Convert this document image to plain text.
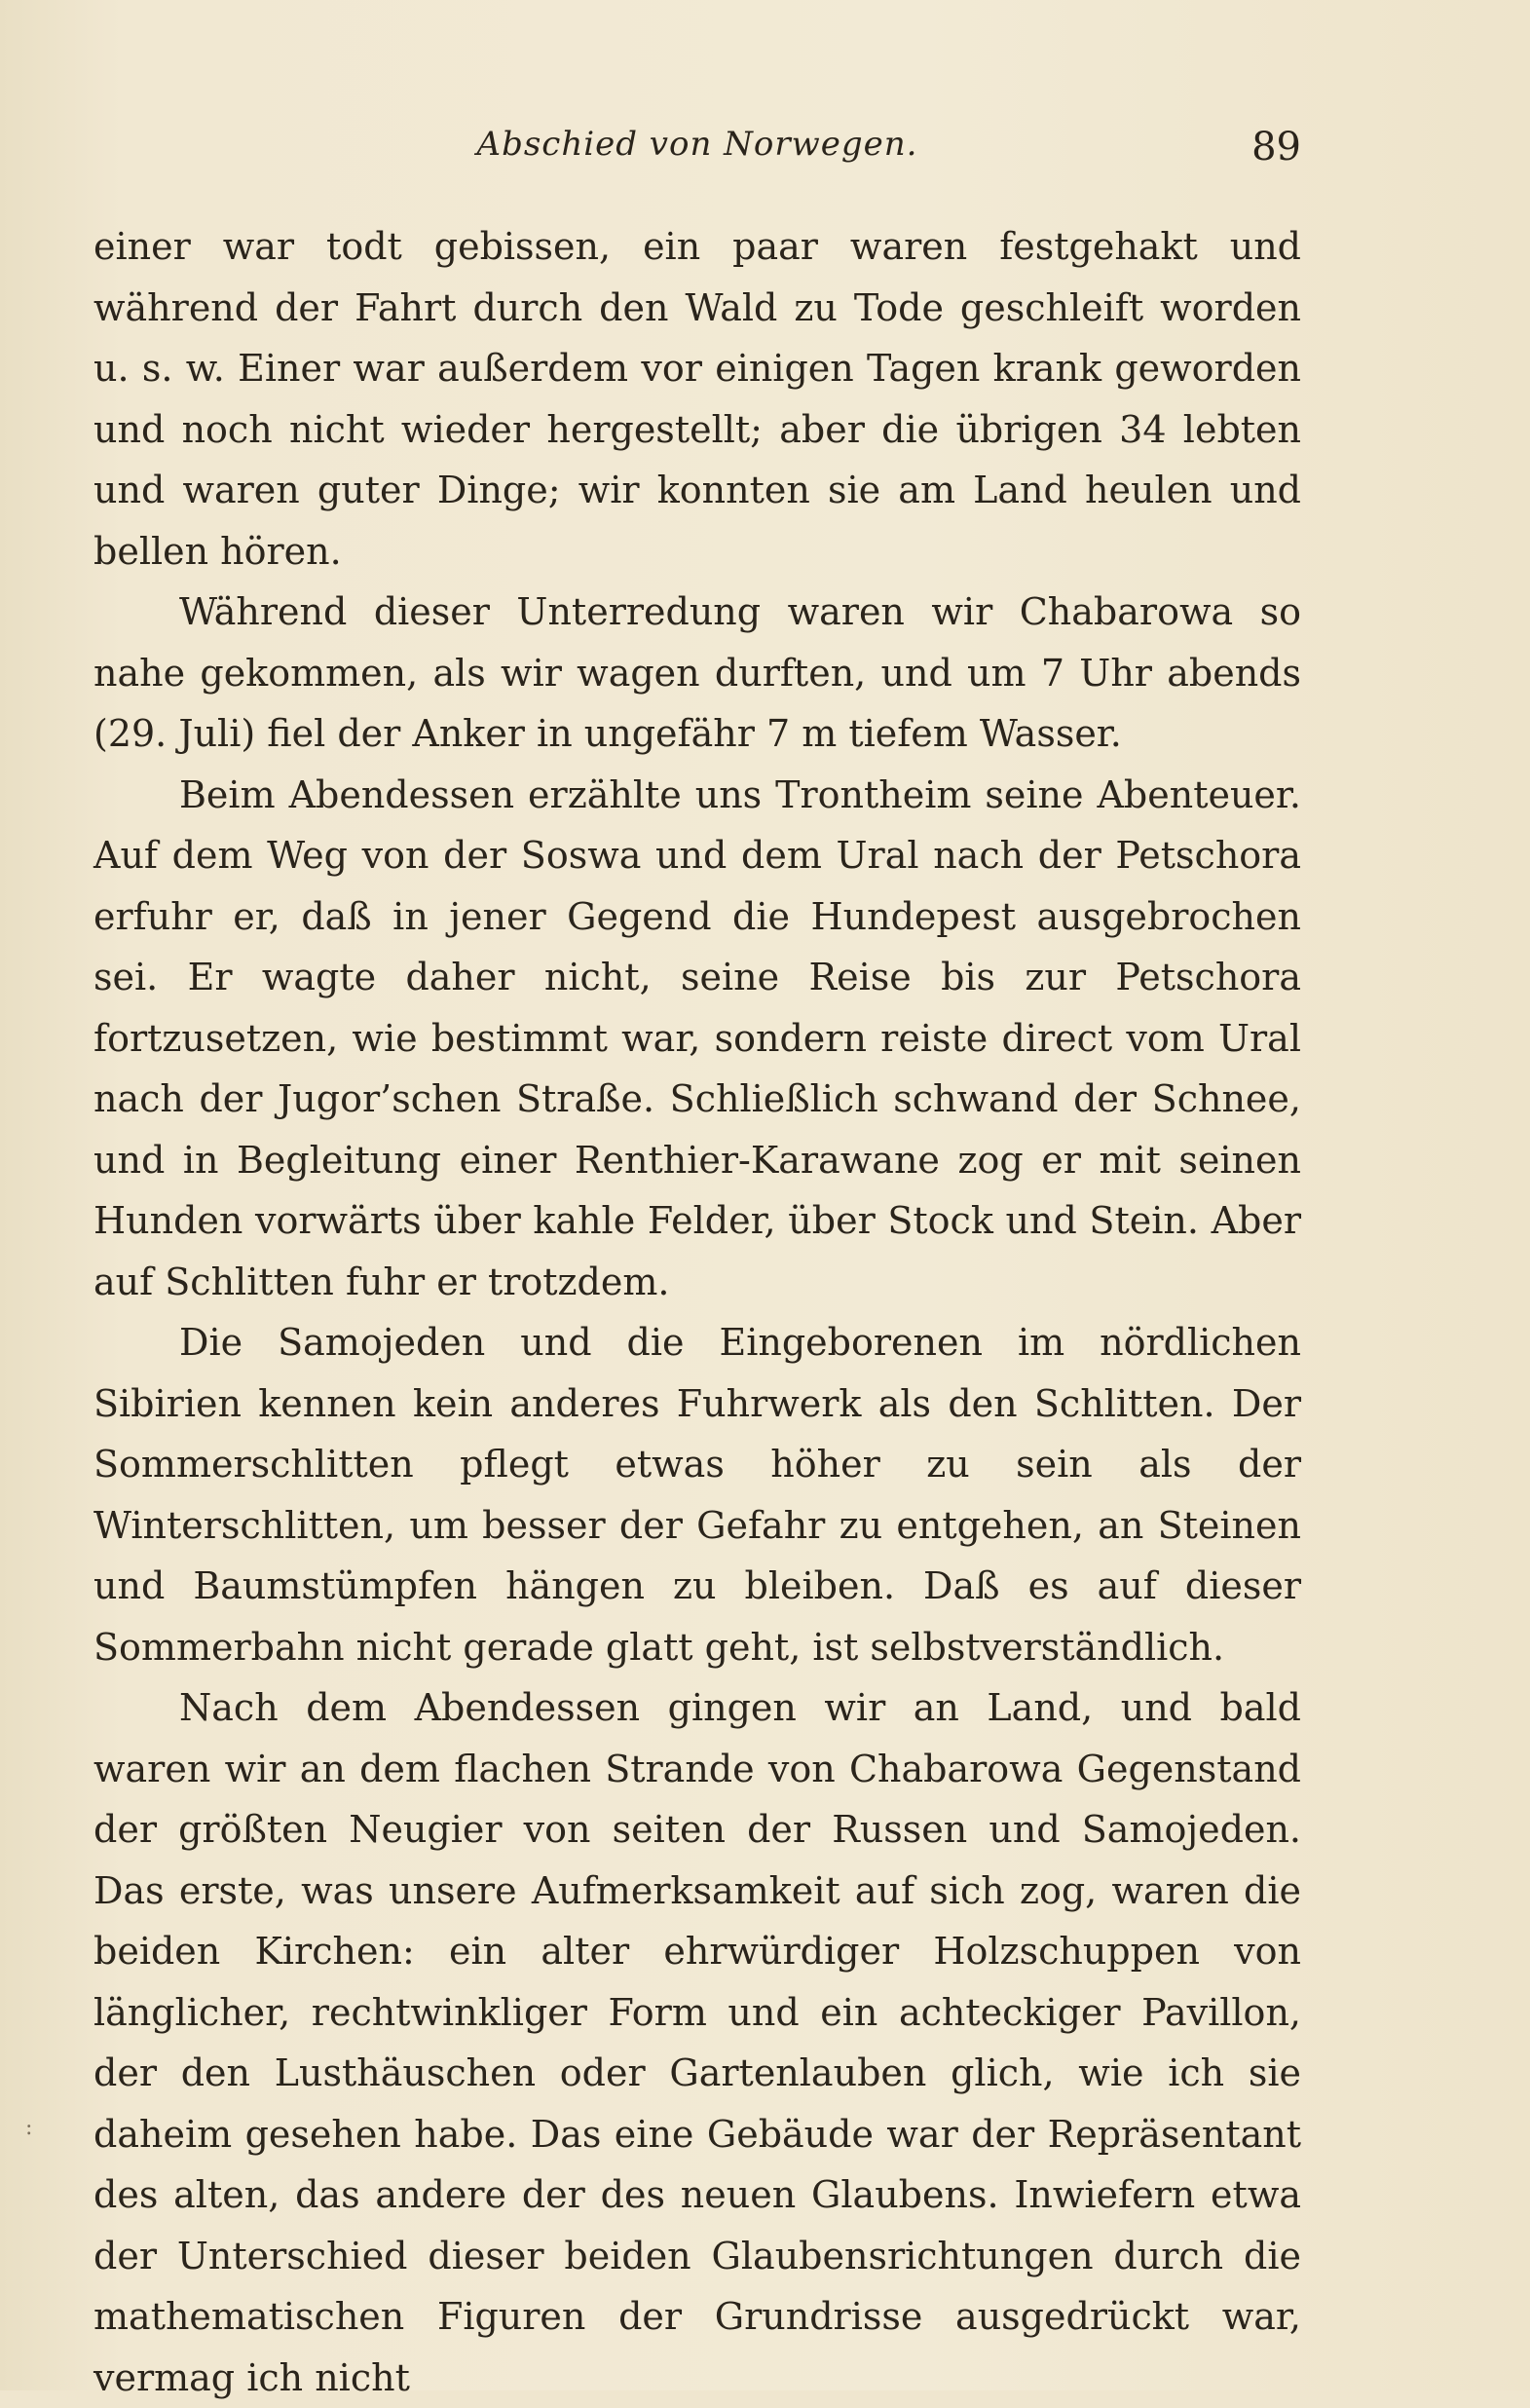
Abschied von Norwegen.	89

einer war todt gebissen, ein paar waren festgehakt und während der Fahrt durch den Wald zu Tode geschleift worden u. s. w. Einer war außerdem vor einigen Tagen krank geworden und noch nicht wieder hergestellt; aber die übrigen 34 lebten und waren guter Dinge; wir konnten sie am Land heulen und bellen hören.

Während dieser Unterredung waren wir Chabarowa so nahe gekommen, als wir wagen durften, und um 7 Uhr abends (29. Juli) fiel der Anker in ungefähr 7 m tiefem Wasser.

Beim Abendessen erzählte uns Trontheim seine Abenteuer. Auf dem Weg von der Soswa und dem Ural nach der Petschora erfuhr er, daß in jener Gegend die Hundepest ausgebrochen sei. Er wagte daher nicht, seine Reise bis zur Petschora fortzusetzen, wie bestimmt war, sondern reiste direct vom Ural nach der Jugor’schen Straße. Schließlich schwand der Schnee, und in Begleitung einer Renthier-Karawane zog er mit seinen Hunden vorwärts über kahle Felder, über Stock und Stein. Aber auf Schlitten fuhr er trotzdem.

Die Samojeden und die Eingeborenen im nördlichen Sibirien kennen kein anderes Fuhrwerk als den Schlitten. Der Sommerschlitten pflegt etwas höher zu sein als der Winterschlitten, um besser der Gefahr zu entgehen, an Steinen und Baumstümpfen hängen zu bleiben. Daß es auf dieser Sommerbahn nicht gerade glatt geht, ist selbstverständlich.

Nach dem Abendessen gingen wir an Land, und bald waren wir an dem flachen Strande von Chabarowa Gegenstand der größten Neugier von seiten der Russen und Samojeden. Das erste, was unsere Aufmerksamkeit auf sich zog, waren die beiden Kirchen: ein alter ehrwürdiger Holzschuppen von länglicher, rechtwinkliger Form und ein achteckiger Pavillon, der den Lusthäuschen oder Gartenlauben glich, wie ich sie daheim gesehen habe. Das eine Gebäude war der Repräsentant des alten, das andere der des neuen Glaubens. Inwiefern etwa der Unterschied dieser beiden Glaubensrichtungen durch die mathematischen Figuren der Grundrisse ausgedrückt war, vermag ich nicht

:
